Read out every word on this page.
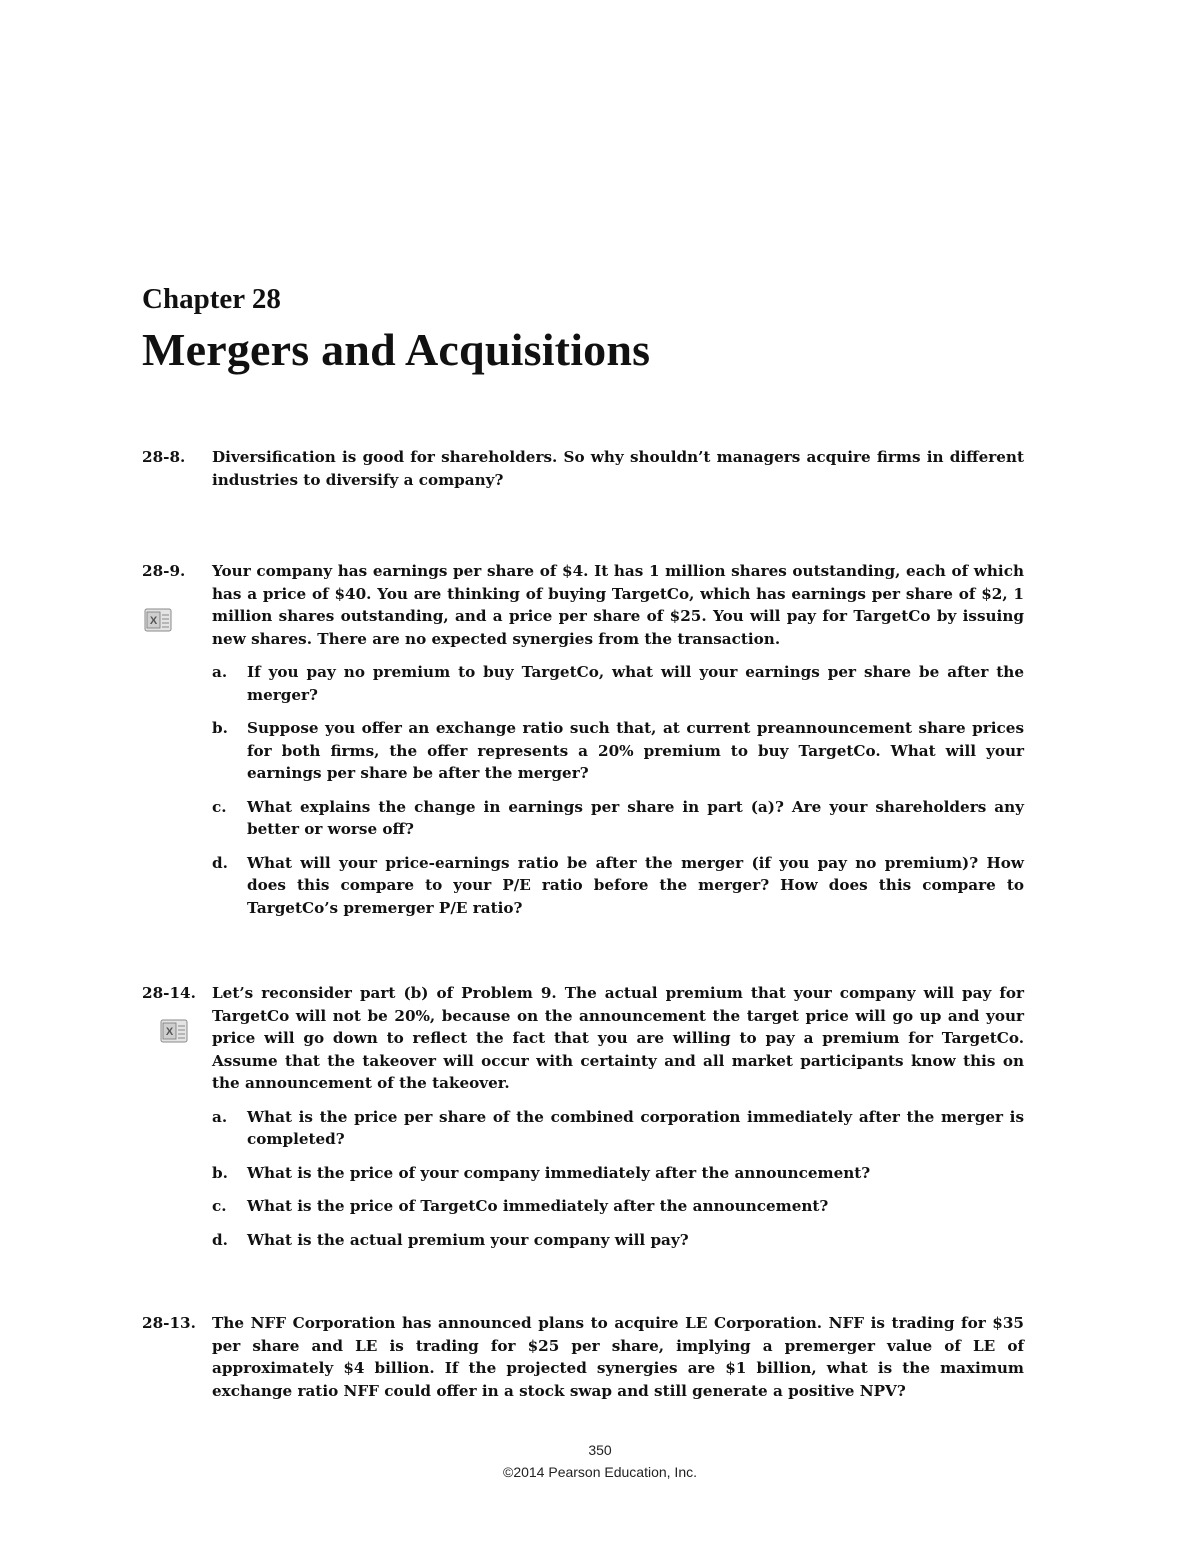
Chapter 28
Mergers and Acquisitions
28-8. Diversification is good for shareholders. So why shouldn’t managers acquire firms in different industries to diversify a company?
28-9. Your company has earnings per share of $4. It has 1 million shares outstanding, each of which has a price of $40. You are thinking of buying TargetCo, which has earnings per share of $2, 1 million shares outstanding, and a price per share of $25. You will pay for TargetCo by issuing new shares. There are no expected synergies from the transaction.
a. If you pay no premium to buy TargetCo, what will your earnings per share be after the merger?
b. Suppose you offer an exchange ratio such that, at current preannouncement share prices for both firms, the offer represents a 20% premium to buy TargetCo. What will your earnings per share be after the merger?
c. What explains the change in earnings per share in part (a)? Are your shareholders any better or worse off?
d. What will your price-earnings ratio be after the merger (if you pay no premium)? How does this compare to your P/E ratio before the merger? How does this compare to TargetCo’s premerger P/E ratio?
X
28-14. Let’s reconsider part (b) of Problem 9. The actual premium that your company will pay for TargetCo will not be 20%, because on the announcement the target price will go up and your price will go down to reflect the fact that you are willing to pay a premium for TargetCo. Assume that the takeover will occur with certainty and all market participants know this on the announcement of the takeover.
a. What is the price per share of the combined corporation immediately after the merger is completed?
b. What is the price of your company immediately after the announcement?
c. What is the price of TargetCo immediately after the announcement?
d. What is the actual premium your company will pay?
X
28-13. The NFF Corporation has announced plans to acquire LE Corporation. NFF is trading for $35 per share and LE is trading for $25 per share, implying a premerger value of LE of approximately $4 billion. If the projected synergies are $1 billion, what is the maximum exchange ratio NFF could offer in a stock swap and still generate a positive NPV?
350
©2014 Pearson Education, Inc.
